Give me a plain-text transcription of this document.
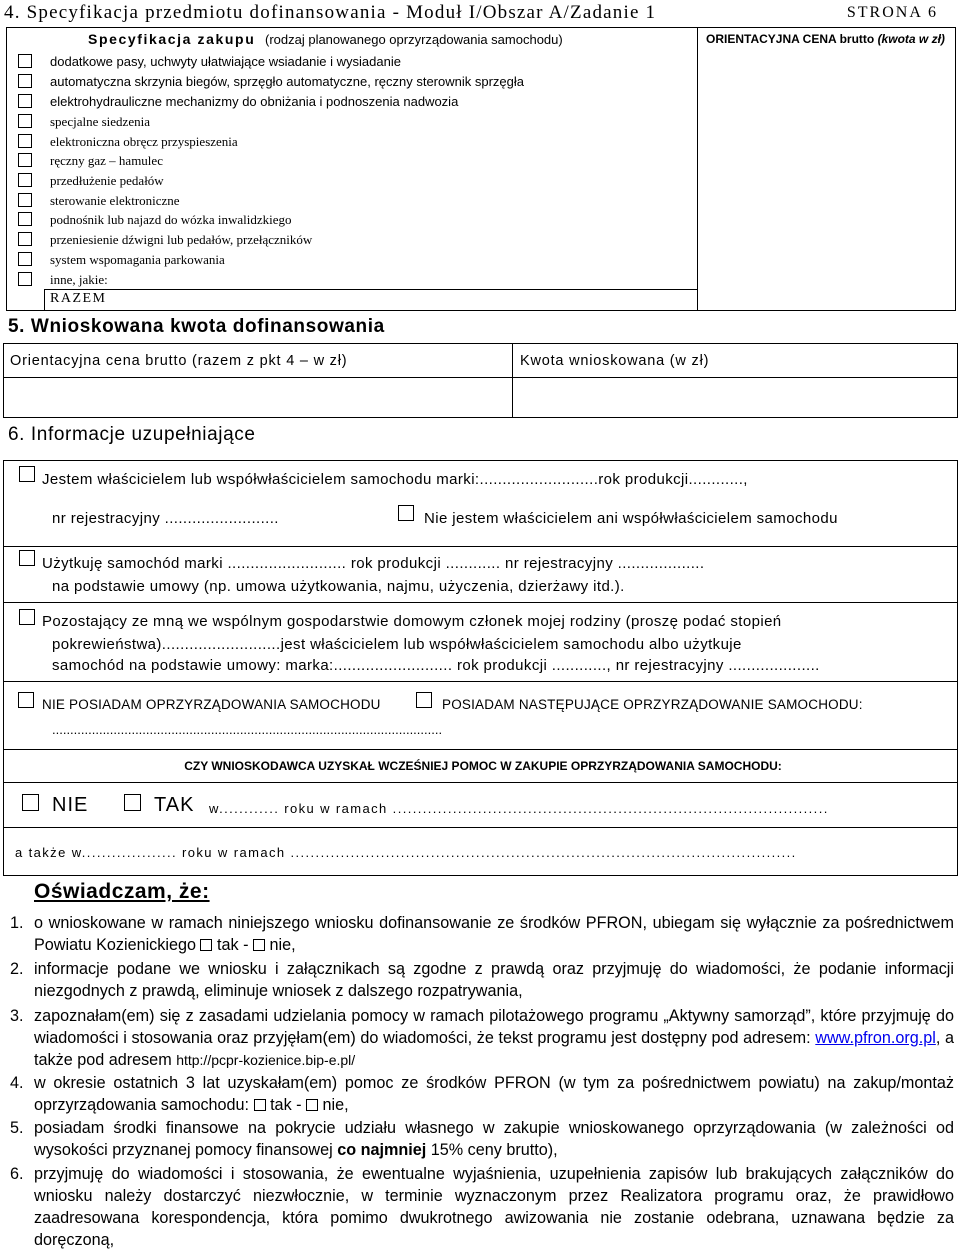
4. Specyfikacja przedmiotu dofinansowania - Moduł I/Obszar A/Zadanie 1	STRONA 6
Specyfikacja zakupu (rodzaj planowanego oprzyrządowania samochodu)	ORIENTACYJNA CENA brutto (kwota w zł)
dodatkowe pasy, uchwyty ułatwiające wsiadanie i wysiadanie
automatyczna skrzynia biegów, sprzęgło automatyczne, ręczny sterownik sprzęgła
elektrohydrauliczne mechanizmy do obniżania i podnoszenia nadwozia
specjalne siedzenia
elektroniczna obręcz przyspieszenia
ręczny gaz – hamulec
przedłużenie pedałów
sterowanie elektroniczne
podnośnik lub najazd do wózka inwalidzkiego
przeniesienie dźwigni lub pedałów, przełączników
system wspomagania parkowania
inne, jakie:
RAZEM
5. Wnioskowana kwota dofinansowania
Orientacyjna cena brutto (razem z pkt 4 – w zł)	Kwota wnioskowana (w zł)
6. Informacje uzupełniające
Jestem właścicielem lub współwłaścicielem samochodu marki:..........................rok produkcji............,
nr rejestracyjny .........................	Nie jestem właścicielem ani współwłaścicielem samochodu
Użytkuję samochód marki .......................... rok produkcji ............ nr rejestracyjny ...................
na podstawie umowy (np. umowa użytkowania, najmu, użyczenia, dzierżawy itd.).
Pozostający ze mną we wspólnym gospodarstwie domowym członek mojej rodziny (proszę podać stopień
pokrewieństwa)..........................jest właścicielem lub współwłaścicielem samochodu albo użytkuje
samochód na podstawie umowy: marka:.......................... rok produkcji ............, nr rejestracyjny ....................
NIE POSIADAM OPRZYRZĄDOWANIA SAMOCHODU	POSIADAM NASTĘPUJĄCE OPRZYRZĄDOWANIE SAMOCHODU:
............................................................................................................
CZY WNIOSKODAWCA UZYSKAŁ WCZEŚNIEJ POMOC W ZAKUPIE OPRZYRZĄDOWANIA SAMOCHODU:
NIE	TAK w............ roku w ramach .......................................................................................
a także w................... roku w ramach .....................................................................................................
Oświadczam, że:
1. o wnioskowane w ramach niniejszego wniosku dofinansowanie ze środków PFRON, ubiegam się wyłącznie za pośrednictwem Powiatu Kozienickiego tak - nie,
2. informacje podane we wniosku i załącznikach są zgodne z prawdą oraz przyjmuję do wiadomości, że podanie informacji niezgodnych z prawdą, eliminuje wniosek z dalszego rozpatrywania,
3. zapoznałam(em) się z zasadami udzielania pomocy w ramach pilotażowego programu „Aktywny samorząd”, które przyjmuję do wiadomości i stosowania oraz przyjęłam(em) do wiadomości, że tekst programu jest dostępny pod adresem: www.pfron.org.pl, a także pod adresem http://pcpr-kozienice.bip-e.pl/
4. w okresie ostatnich 3 lat uzyskałam(em) pomoc ze środków PFRON (w tym za pośrednictwem powiatu) na zakup/montaż oprzyrządowania samochodu: tak - nie,
5. posiadam środki finansowe na pokrycie udziału własnego w zakupie wnioskowanego oprzyrządowania (w zależności od wysokości przyznanej pomocy finansowej co najmniej 15% ceny brutto),
6. przyjmuję do wiadomości i stosowania, że ewentualne wyjaśnienia, uzupełnienia zapisów lub brakujących załączników do wniosku należy dostarczyć niezwłocznie, w terminie wyznaczonym przez Realizatora programu oraz, że prawidłowo zaadresowana korespondencja, która pomimo dwukrotnego awizowania nie zostanie odebrana, uznawana będzie za doręczoną,
